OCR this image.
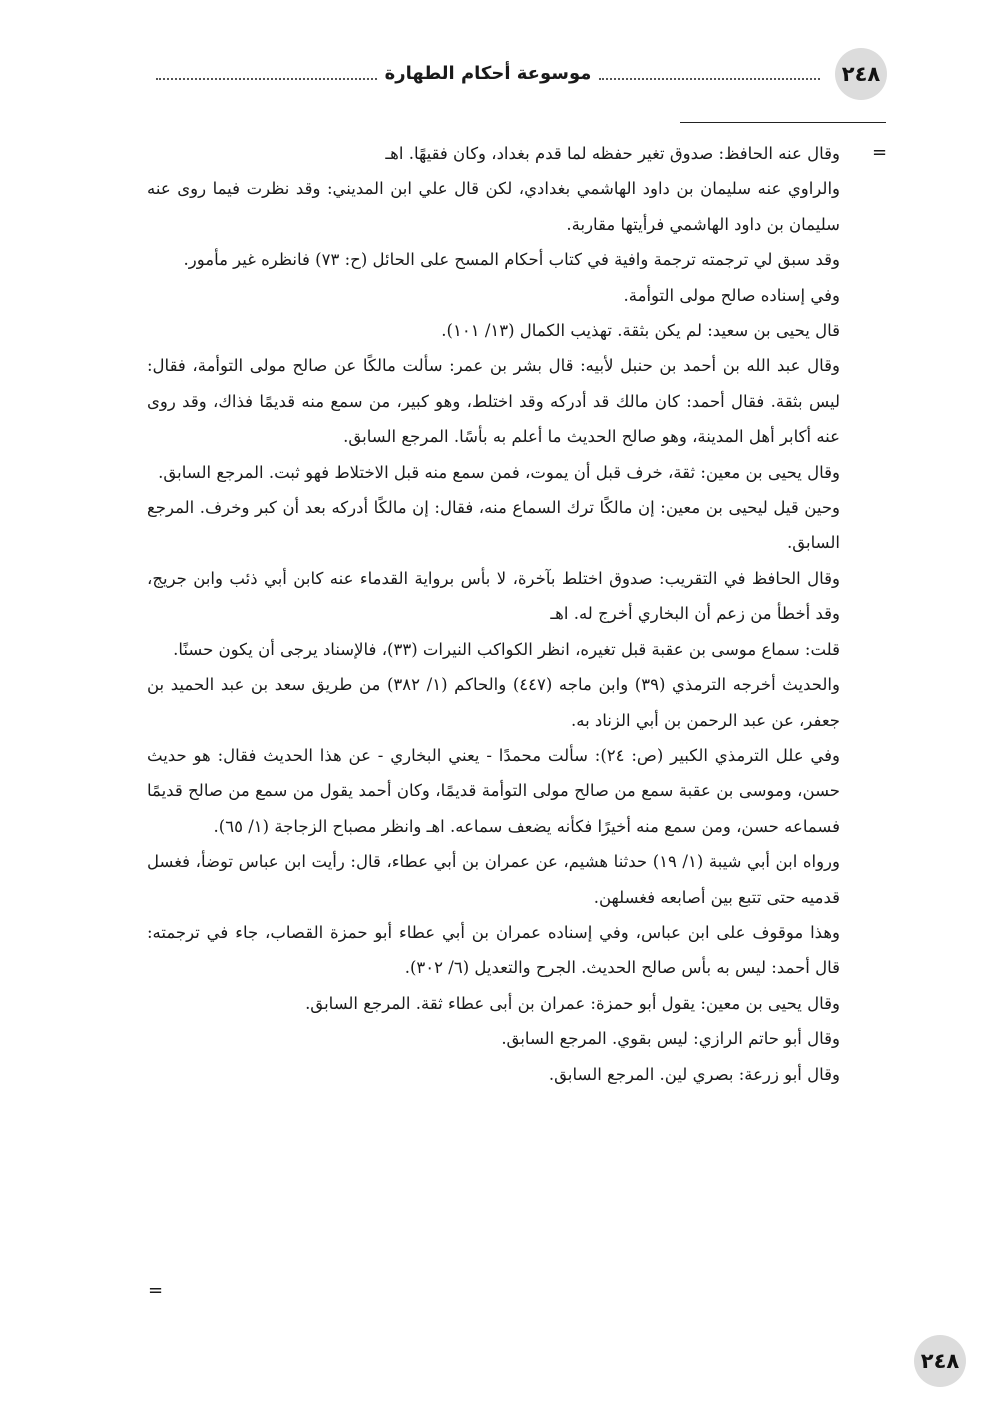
٢٤٨
موسوعة أحكام الطهارة
=

وقال عنه الحافظ: صدوق تغير حفظه لما قدم بغداد، وكان فقيهًا. اهـ

والراوي عنه سليمان بن داود الهاشمي بغدادي، لكن قال علي ابن المديني: وقد نظرت فيما روى عنه سليمان بن داود الهاشمي فرأيتها مقاربة.

وقد سبق لي ترجمته ترجمة وافية في كتاب أحكام المسح على الحائل (ح: ٧٣) فانظره غير مأمور.

وفي إسناده صالح مولى التوأمة.

قال يحيى بن سعيد: لم يكن بثقة. تهذيب الكمال (١٣/ ١٠١).

وقال عبد الله بن أحمد بن حنبل لأبيه: قال بشر بن عمر: سألت مالكًا عن صالح مولى التوأمة، فقال: ليس بثقة. فقال أحمد: كان مالك قد أدركه وقد اختلط، وهو كبير، من سمع منه قديمًا فذاك، وقد روى عنه أكابر أهل المدينة، وهو صالح الحديث ما أعلم به بأسًا. المرجع السابق.

وقال يحيى بن معين: ثقة، خرف قبل أن يموت، فمن سمع منه قبل الاختلاط فهو ثبت. المرجع السابق.

وحين قيل ليحيى بن معين: إن مالكًا ترك السماع منه، فقال: إن مالكًا أدركه بعد أن كبر وخرف. المرجع السابق.

وقال الحافظ في التقريب: صدوق اختلط بآخرة، لا بأس برواية القدماء عنه كابن أبي ذئب وابن جريج، وقد أخطأ من زعم أن البخاري أخرج له. اهـ

قلت: سماع موسى بن عقبة قبل تغيره، انظر الكواكب النيرات (٣٣)، فالإسناد يرجى أن يكون حسنًا.

والحديث أخرجه الترمذي (٣٩) وابن ماجه (٤٤٧) والحاكم (١/ ٣٨٢) من طريق سعد بن عبد الحميد بن جعفر، عن عبد الرحمن بن أبي الزناد به.

وفي علل الترمذي الكبير (ص: ٢٤): سألت محمدًا - يعني البخاري - عن هذا الحديث فقال: هو حديث حسن، وموسى بن عقبة سمع من صالح مولى التوأمة قديمًا، وكان أحمد يقول من سمع من صالح قديمًا فسماعه حسن، ومن سمع منه أخيرًا فكأنه يضعف سماعه. اهـ وانظر مصباح الزجاجة (١/ ٦٥).

ورواه ابن أبي شيبة (١/ ١٩) حدثنا هشيم، عن عمران بن أبي عطاء، قال: رأيت ابن عباس توضأ، فغسل قدميه حتى تتبع بين أصابعه فغسلهن.

وهذا موقوف على ابن عباس، وفي إسناده عمران بن أبي عطاء أبو حمزة القصاب، جاء في ترجمته: قال أحمد: ليس به بأس صالح الحديث. الجرح والتعديل (٦/ ٣٠٢).

وقال يحيى بن معين: يقول أبو حمزة: عمران بن أبى عطاء ثقة. المرجع السابق.

وقال أبو حاتم الرازي: ليس بقوي. المرجع السابق.

وقال أبو زرعة: بصري لين. المرجع السابق.

=
٢٤٨
